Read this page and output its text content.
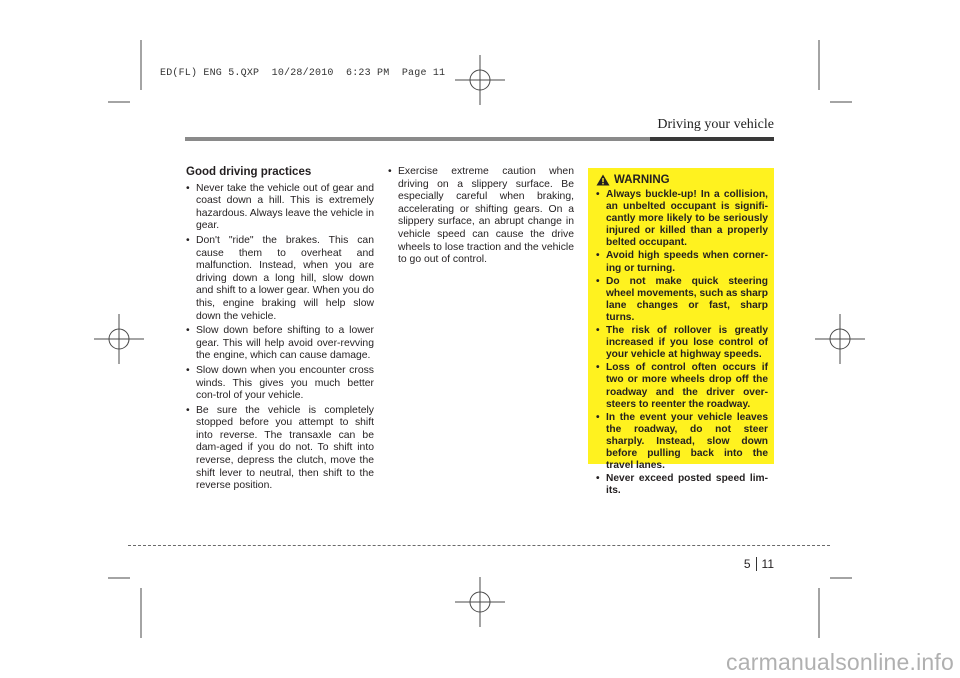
ED(FL) ENG 5.QXP  10/28/2010  6:23 PM  Page 11
Driving your vehicle
Good driving practices
• Never take the vehicle out of gear and coast down a hill. This is extremely hazardous. Always leave the vehicle in gear.
• Don't "ride" the brakes. This can cause them to overheat and malfunction. Instead, when you are driving down a long hill, slow down and shift to a lower gear. When you do this, engine braking will help slow down the vehicle.
• Slow down before shifting to a lower gear. This will help avoid over-revving the engine, which can cause damage.
• Slow down when you encounter cross winds. This gives you much better con-trol of your vehicle.
• Be sure the vehicle is completely stopped before you attempt to shift into reverse. The transaxle can be dam-aged if you do not. To shift into reverse, depress the clutch, move the shift lever to neutral, then shift to the reverse position.
• Exercise extreme caution when driving on a slippery surface. Be especially careful when braking, accelerating or shifting gears. On a slippery surface, an abrupt change in vehicle speed can cause the drive wheels to lose traction and the vehicle to go out of control.
WARNING
• Always buckle-up! In a collision, an unbelted occupant is signifi-cantly more likely to be seriously injured or killed than a properly belted occupant.
• Avoid high speeds when corner-ing or turning.
• Do not make quick steering wheel movements, such as sharp lane changes or fast, sharp turns.
• The risk of rollover is greatly increased if you lose control of your vehicle at highway speeds.
• Loss of control often occurs if two or more wheels drop off the roadway and the driver over-steers to reenter the roadway.
• In the event your vehicle leaves the roadway, do not steer sharply. Instead, slow down before pulling back into the travel lanes.
• Never exceed posted speed lim-its.
5 11
carmanualsonline.info
